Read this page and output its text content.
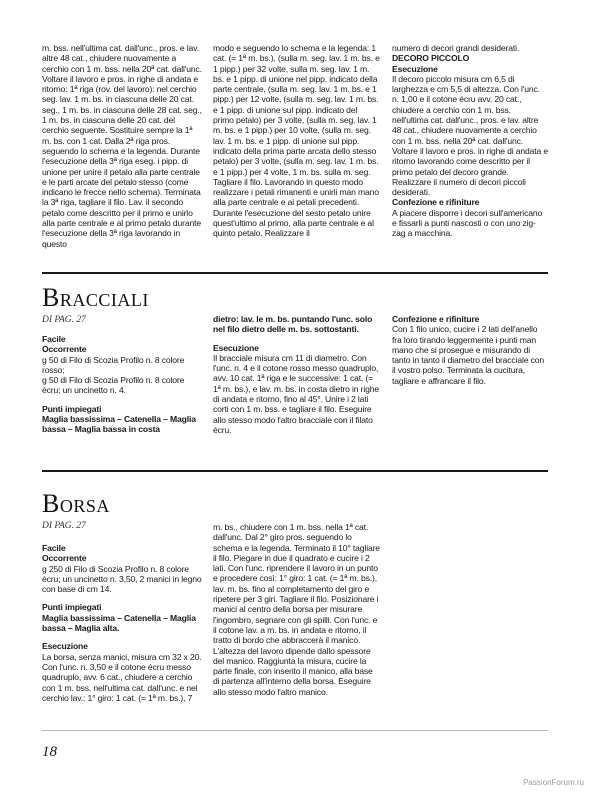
m. bss. nell'ultima cat. dall'unc., pros. e lav. altre 48 cat., chiudere nuovamente a cerchio con 1 m. bss. nella 20ª cat. dall'unc. Voltare il lavoro e pros. in righe di andata e ritorno: 1ª riga (rov. del lavoro): nel cerchio seg. lav. 1 m. bs. in ciascuna delle 20 cat. seg., 1 m. bs. in ciascuna delle 28 cat. seg., 1 m. bs. in ciascuna delle 20 cat. del cerchio seguente. Sostituire sempre la 1ª m. bs. con 1 cat. Dalla 2ª riga pros. seguendo lo schema e la legenda. Durante l'esecuzione della 3ª riga eseg. i pipp. di unione per unire il petalo alla parte centrale e le parti arcate del petalo stesso (come indicano le frecce nello schema). Terminata la 3ª riga, tagliare il filo. Lav. il secondo petalo come descritto per il primo e unirlo alla parte centrale e al primo petalo durante l'esecuzione della 3ª riga lavorando in questo

modo e seguendo lo schema e la legenda: 1 cat. (= 1ª m. bs.), (sulla m. seg. lav. 1 m. bs. e 1 pipp.) per 32 volte, sulla m. seg. lav. 1 m. bs. e 1 pipp. di unione nel pipp. indicato della parte centrale, (sulla m. seg. lav. 1 m. bs. e 1 pipp.) per 12 volte, (sulla m. seg. lav. 1 m. bs. e 1 pipp. di unione sul pipp. indicato del primo petalo) per 3 volte, (sulla m. seg. lav. 1 m. bs. e 1 pipp.) per 10 volte, (sulla m. seg. lav. 1 m. bs. e 1 pipp. di unione sul pipp. indicato della prima parte arcata dello stesso petalo) per 3 volte, (sulla m. seg. lav. 1 m. bs. e 1 pipp.) per 4 volte, 1 m. bs. sulla m. seg. Tagliare il filo. Lavorando in questo modo realizzare i petali rimanenti e unirli man mano alla parte centrale e ai petali precedenti. Durante l'esecuzione del sesto petalo unire quest'ultimo al primo, alla parte centrale e al quinto petalo. Realizzare il

numero di decori grandi desiderati.

DECORO PICCOLO

Esecuzione

Il decoro piccolo misura cm 6,5 di larghezza e cm 5,5 di altezza. Con l'unc. n. 1,00 e il cotone écru avv. 20 cat., chiudere a cerchio con 1 m. bss. nell'ultima cat. dall'unc., pros. e lav. altre 48 cat., chiudere nuovamente a cerchio con 1 m. bss. nella 20ª cat. dall'unc. Voltare il lavoro e pros. in righe di andata e ritorno lavorando come descritto per il primo petalo del decoro grande. Realizzare il numero di decori piccoli desiderati.

Confezione e rifiniture

A piacere disporre i decori sull'americano e fissarli a punti nascosti o con uno zig-zag a macchina.

Bracciali
DI PAG. 27

Facile

Occorrente

g 50 di Filo di Scozia Profilo n. 8 colore rosso;

g 50 di Filo di Scozia Profilo n. 8 colore écru; un uncinetto n. 4.

Punti impiegati

Maglia bassissima – Catenella – Maglia bassa – Maglia bassa in costa

dietro: lav. le m. bs. puntando l'unc. solo nel filo dietro delle m. bs. sottostanti.

Esecuzione

Il bracciale misura cm 11 di diametro. Con l'unc. n. 4 e il cotone rosso messo quadruplo, avv. 10 cat. 1ª riga e le successive: 1 cat. (= 1ª m. bs.), e lav. m. bs. in costa dietro in righe di andata e ritorno, fino al 45°. Unire i 2 lati corti con 1 m. bss. e tagliare il filo. Eseguire allo stesso modo l'altro bracciale con il filato écru.

Confezione e rifiniture

Con 1 filo unico, cucire i 2 lati dell'anello fra loro tirando leggermente i punti man mano che si prosegue e misurando di tanto in tanto il diametro del bracciale con il vostro polso. Terminata la cucitura, tagliare e affrancare il filo.

Borsa
DI PAG. 27

Facile

Occorrente

g 250 di Filo di Scozia Profilo n. 8 colore écru; un uncinetto n. 3,50, 2 manici in legno con base di cm 14.

Punti impiegati

Maglia bassissima – Catenella – Maglia bassa – Maglia alta.

Esecuzione

La borsa, senza manici, misura cm 32 x 20. Con l'unc. n. 3,50 e il cotone écru messo quadruplo, avv. 6 cat., chiudere a cerchio con 1 m. bss. nell'ultima cat. dall'unc. e nel cerchio lav.: 1° giro: 1 cat. (= 1ª m. bs.), 7

m. bs., chiudere con 1 m. bss. nella 1ª cat. dall'unc. Dal 2° giro pros. seguendo lo schema e la legenda. Terminato il 10° tagliare il filo. Piegare in due il quadrato e cucire i 2 lati. Con l'unc. riprendere il lavoro in un punto e procedere così: 1° giro: 1 cat. (= 1ª m. bs.), lav. m. bs. fino al completamento del giro e ripetere per 3 giri. Tagliare il filo. Posizionare i manici al centro della borsa per misurare l'ingombro, segnare con gli spilli. Con l'unc. e il cotone lav. a m. bs. in andata e ritorno, il tratto di bordo che abbraccerà il manico. L'altezza del lavoro dipende dallo spessore del manico. Raggiunta la misura, cucire la parte finale, con inserito il manico, alla base di partenza all'interno della borsa. Eseguire allo stesso modo l'altro manico.

18
PassionForum.ru
